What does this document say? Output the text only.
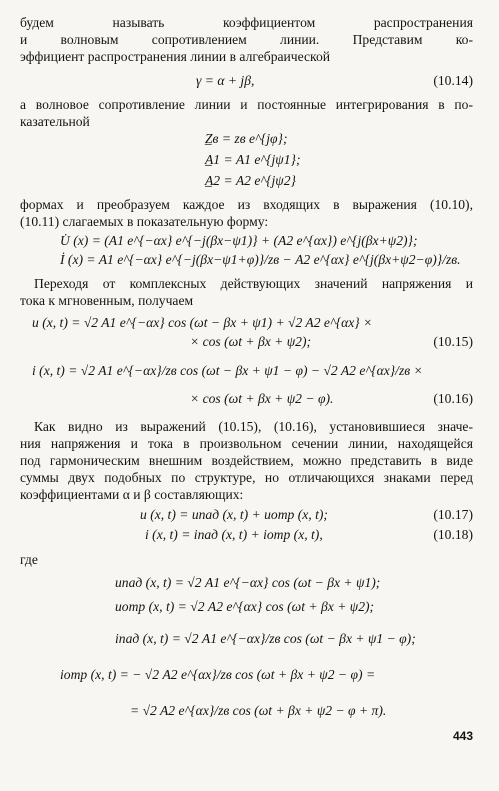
будем называть коэффициентом распространения
и волновым сопротивлением линии. Представим ко-
эффициент распространения линии в алгебраической
γ = α + jβ,	(10.14)
а волновое сопротивление линии и постоянные интегрирования в по-
казательной
Z̲в = zв e^{jφ};
A̲1 = A1 e^{jψ1};
A̲2 = A2 e^{jψ2}
формах и преобразуем каждое из входящих в выражения (10.10),
(10.11) слагаемых в показательную форму:
U̇ (x) = (A1 e^{−αx} e^{−j(βx−ψ1)} + (A2 e^{αx}) e^{j(βx+ψ2)};
İ (x) = A1 e^{−αx} e^{−j(βx−ψ1+φ)}/zв − A2 e^{αx} e^{j(βx+ψ2−φ)}/zв.
Переходя от комплексных действующих значений напряжения и
тока к мгновенным, получаем
u (x, t) = √2 A1 e^{−αx} cos (ωt − βx + ψ1) + √2 A2 e^{αx} ×
× cos (ωt + βx + ψ2);	(10.15)
i (x, t) = √2 A1 e^{−αx}/zв cos (ωt − βx + ψ1 − φ) − √2 A2 e^{αx}/zв ×
× cos (ωt + βx + ψ2 − φ).	(10.16)
Как видно из выражений (10.15), (10.16), установившиеся значе-
ния напряжения и тока в произвольном сечении линии, находящейся
под гармоническим внешним воздействием, можно представить в виде
суммы двух подобных по структуре, но отличающихся знаками перед
коэффициентами α и β составляющих:
u (x, t) = uпад (x, t) + uотр (x, t);	(10.17)
i (x, t) = iпад (x, t) + iотр (x, t),	(10.18)
где
uпад (x, t) = √2 A1 e^{−αx} cos (ωt − βx + ψ1);
uотр (x, t) = √2 A2 e^{αx} cos (ωt + βx + ψ2);
iпад (x, t) = √2 A1 e^{−αx}/zв cos (ωt − βx + ψ1 − φ);
iотр (x, t) = − √2 A2 e^{αx}/zв cos (ωt + βx + ψ2 − φ) =
= √2 A2 e^{αx}/zв cos (ωt + βx + ψ2 − φ + π).
443
